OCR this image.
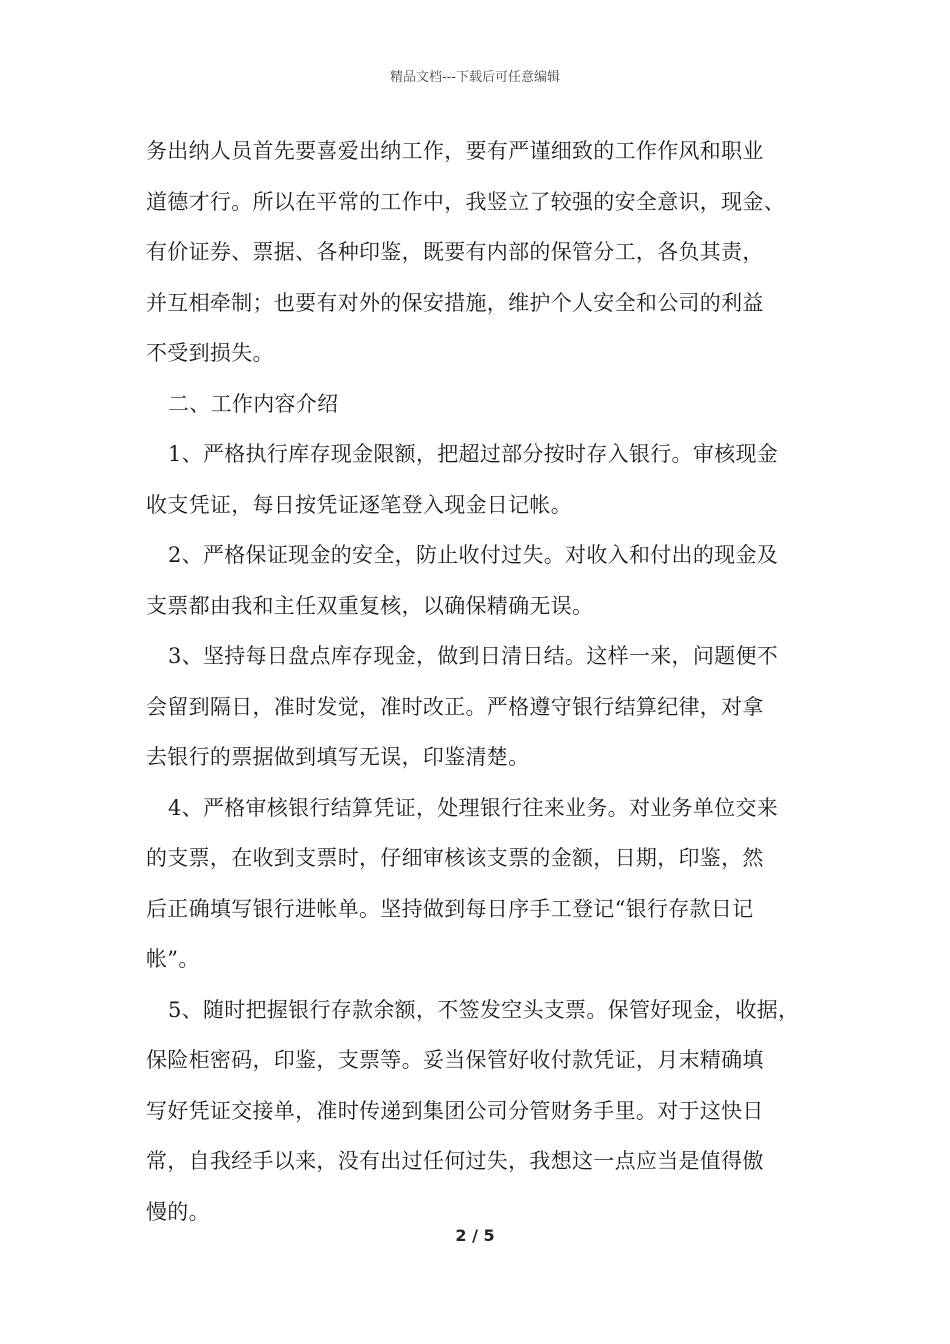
精品文档---下载后可任意编辑

务出纳人员首先要喜爱出纳工作，要有严谨细致的工作作风和职业
道德才行。所以在平常的工作中，我竖立了较强的安全意识，现金、
有价证券、票据、各种印鉴，既要有内部的保管分工，各负其责，
并互相牵制；也要有对外的保安措施，维护个人安全和公司的利益
不受到损失。

二、工作内容介绍

1、严格执行库存现金限额，把超过部分按时存入银行。审核现金
收支凭证，每日按凭证逐笔登入现金日记帐。

2、严格保证现金的安全，防止收付过失。对收入和付出的现金及
支票都由我和主任双重复核，以确保精确无误。

3、坚持每日盘点库存现金，做到日清日结。这样一来，问题便不
会留到隔日，准时发觉，准时改正。严格遵守银行结算纪律，对拿
去银行的票据做到填写无误，印鉴清楚。

4、严格审核银行结算凭证，处理银行往来业务。对业务单位交来
的支票，在收到支票时，仔细审核该支票的金额，日期，印鉴，然
后正确填写银行进帐单。坚持做到每日序手工登记“银行存款日记
帐”。

5、随时把握银行存款余额，不签发空头支票。保管好现金，收据，
保险柜密码，印鉴，支票等。妥当保管好收付款凭证，月末精确填
写好凭证交接单，准时传递到集团公司分管财务手里。对于这快日
常，自我经手以来，没有出过任何过失，我想这一点应当是值得傲
慢的。

2 / 5
